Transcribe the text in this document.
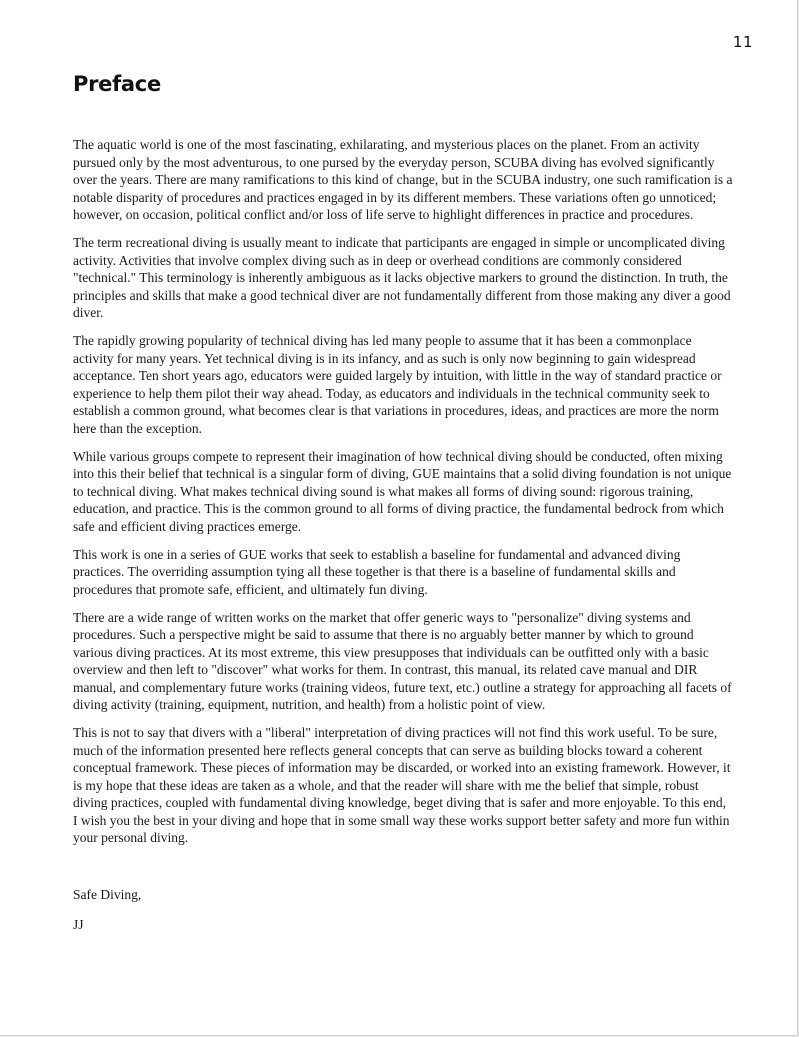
11
Preface

The aquatic world is one of the most fascinating, exhilarating, and mysterious places on the planet. From an activity pursued only by the most adventurous, to one pursed by the everyday person, SCUBA diving has evolved significantly over the years. There are many ramifications to this kind of change, but in the SCUBA industry, one such ramification is a notable disparity of procedures and practices engaged in by its different members. These variations often go unnoticed; however, on occasion, political conflict and/or loss of life serve to highlight differences in practice and procedures.

The term recreational diving is usually meant to indicate that participants are engaged in simple or uncomplicated diving activity. Activities that involve complex diving such as in deep or overhead conditions are commonly considered "technical." This terminology is inherently ambiguous as it lacks objective markers to ground the distinction. In truth, the principles and skills that make a good technical diver are not fundamentally different from those making any diver a good diver.

The rapidly growing popularity of technical diving has led many people to assume that it has been a commonplace activity for many years. Yet technical diving is in its infancy, and as such is only now beginning to gain widespread acceptance. Ten short years ago, educators were guided largely by intuition, with little in the way of standard practice or experience to help them pilot their way ahead. Today, as educators and individuals in the technical community seek to establish a common ground, what becomes clear is that variations in procedures, ideas, and practices are more the norm here than the exception.

While various groups compete to represent their imagination of how technical diving should be conducted, often mixing into this their belief that technical is a singular form of diving, GUE maintains that a solid diving foundation is not unique to technical diving. What makes technical diving sound is what makes all forms of diving sound: rigorous training, education, and practice. This is the common ground to all forms of diving practice, the fundamental bedrock from which safe and efficient diving practices emerge.

This work is one in a series of GUE works that seek to establish a baseline for fundamental and advanced diving practices. The overriding assumption tying all these together is that there is a baseline of fundamental skills and procedures that promote safe, efficient, and ultimately fun diving.

There are a wide range of written works on the market that offer generic ways to "personalize" diving systems and procedures. Such a perspective might be said to assume that there is no arguably better manner by which to ground various diving practices. At its most extreme, this view presupposes that individuals can be outfitted only with a basic overview and then left to "discover" what works for them. In contrast, this manual, its related cave manual and DIR manual, and complementary future works (training videos, future text, etc.) outline a strategy for approaching all facets of diving activity (training, equipment, nutrition, and health) from a holistic point of view.

This is not to say that divers with a "liberal" interpretation of diving practices will not find this work useful. To be sure, much of the information presented here reflects general concepts that can serve as building blocks toward a coherent conceptual framework. These pieces of information may be discarded, or worked into an existing framework. However, it is my hope that these ideas are taken as a whole, and that the reader will share with me the belief that simple, robust diving practices, coupled with fundamental diving knowledge, beget diving that is safer and more enjoyable. To this end, I wish you the best in your diving and hope that in some small way these works support better safety and more fun within your personal diving.

Safe Diving,
JJ
